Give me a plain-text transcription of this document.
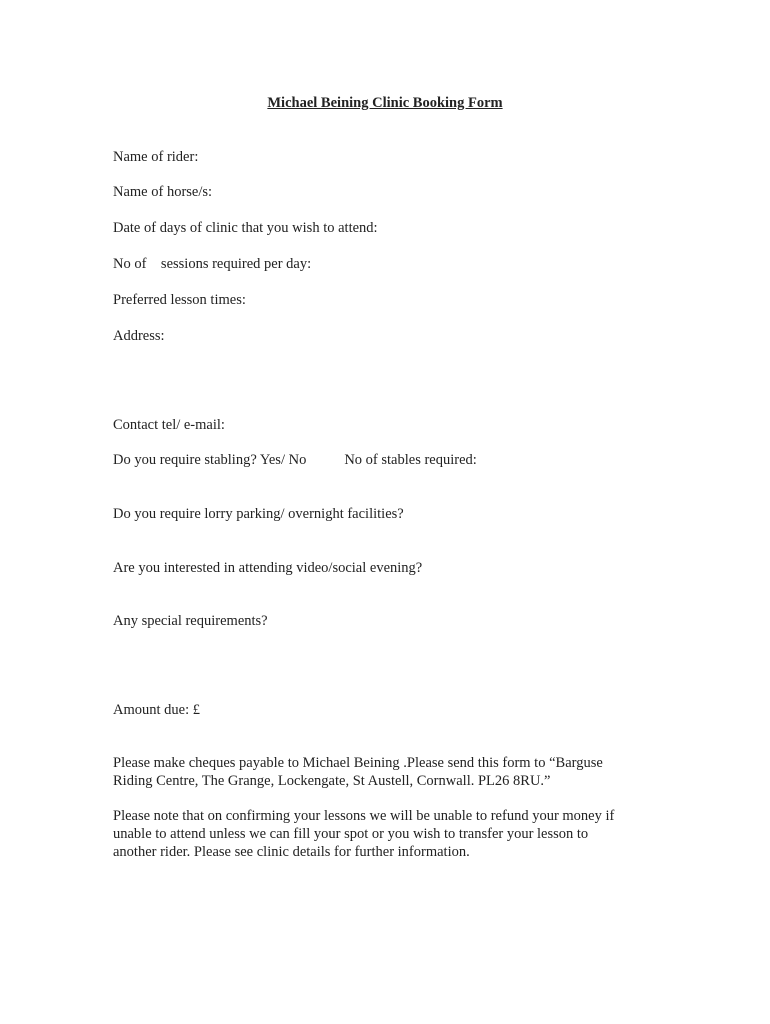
Michael Beining Clinic Booking Form
Name of rider:
Name of horse/s:
Date of days of clinic that you wish to attend:
No of    sessions required per day:
Preferred lesson times:
Address:
Contact tel/ e-mail:
Do you require stabling? Yes/ No	No of stables required:
Do you require lorry parking/ overnight facilities?
Are you interested in attending video/social evening?
Any special requirements?
Amount due: £
Please make cheques payable to Michael Beining .Please send this form to “Barguse
Riding Centre, The Grange, Lockengate, St Austell, Cornwall. PL26 8RU.”
Please note that on confirming your lessons we will be unable to refund your money if
unable to attend unless we can fill your spot or you wish to transfer your lesson to
another rider. Please see clinic details for further information.
